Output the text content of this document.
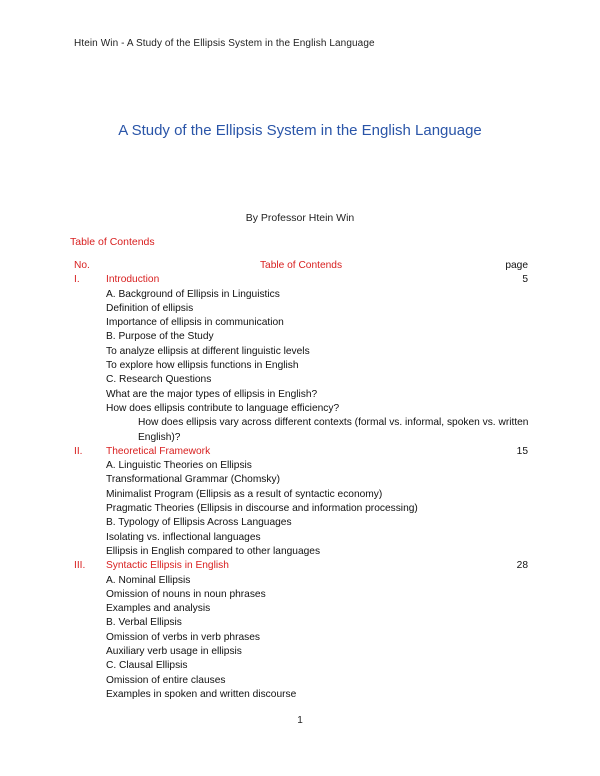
Htein Win - A Study of the Ellipsis System in the English Language
A Study of the Ellipsis System in the English Language
By Professor Htein Win
Table of Contends
No.	Table of Contends	page
I.	Introduction	5
A. Background of Ellipsis in Linguistics
Definition of ellipsis
Importance of ellipsis in communication
B. Purpose of the Study
To analyze ellipsis at different linguistic levels
To explore how ellipsis functions in English
C. Research Questions
What are the major types of ellipsis in English?
How does ellipsis contribute to language efficiency?
How does ellipsis vary across different contexts (formal vs. informal, spoken vs. written English)?
II. Theoretical Framework	15
A. Linguistic Theories on Ellipsis
Transformational Grammar (Chomsky)
Minimalist Program (Ellipsis as a result of syntactic economy)
Pragmatic Theories (Ellipsis in discourse and information processing)
B. Typology of Ellipsis Across Languages
Isolating vs. inflectional languages
Ellipsis in English compared to other languages
III. Syntactic Ellipsis in English	28
A. Nominal Ellipsis
Omission of nouns in noun phrases
Examples and analysis
B. Verbal Ellipsis
Omission of verbs in verb phrases
Auxiliary verb usage in ellipsis
C. Clausal Ellipsis
Omission of entire clauses
Examples in spoken and written discourse
1
